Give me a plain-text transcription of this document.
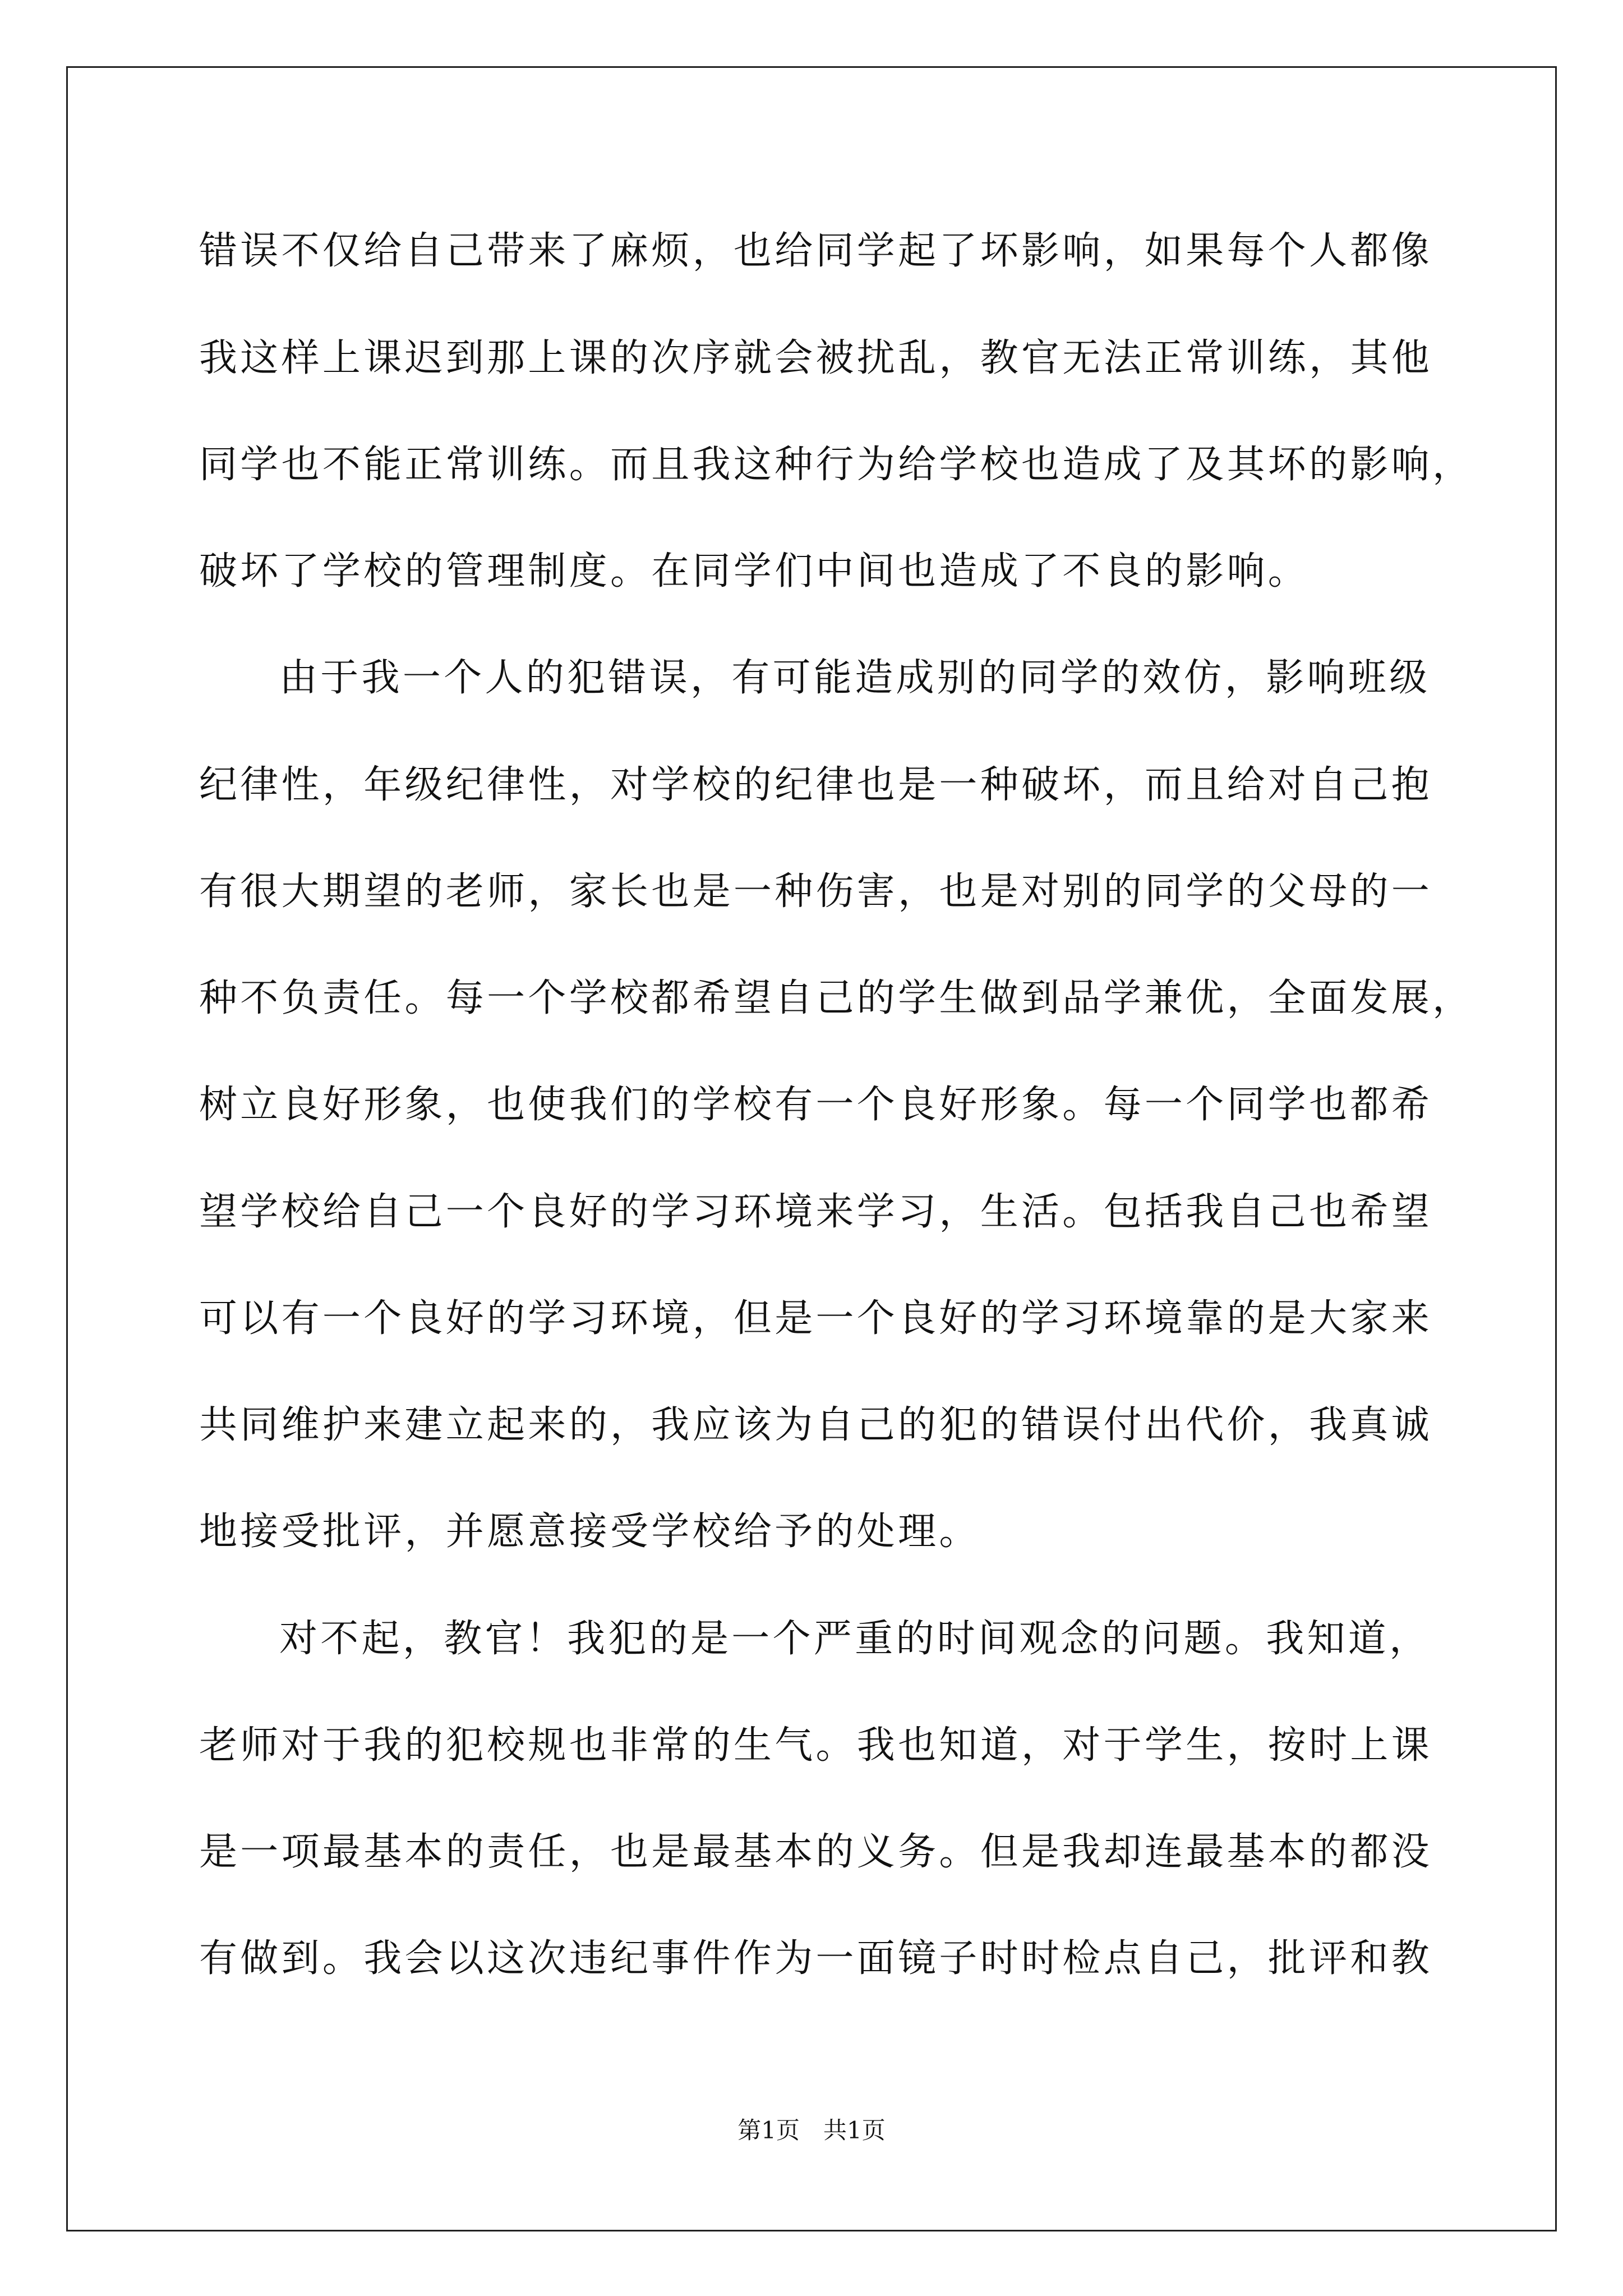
错误不仅给自己带来了麻烦，也给同学起了坏影响，如果每个人都像
我这样上课迟到那上课的次序就会被扰乱，教官无法正常训练，其他
同学也不能正常训练。而且我这种行为给学校也造成了及其坏的影响，
破坏了学校的管理制度。在同学们中间也造成了不良的影响。
由于我一个人的犯错误，有可能造成别的同学的效仿，影响班级
纪律性，年级纪律性，对学校的纪律也是一种破坏，而且给对自己抱
有很大期望的老师，家长也是一种伤害，也是对别的同学的父母的一
种不负责任。每一个学校都希望自己的学生做到品学兼优，全面发展，
树立良好形象，也使我们的学校有一个良好形象。每一个同学也都希
望学校给自己一个良好的学习环境来学习，生活。包括我自己也希望
可以有一个良好的学习环境，但是一个良好的学习环境靠的是大家来
共同维护来建立起来的，我应该为自己的犯的错误付出代价，我真诚
地接受批评，并愿意接受学校给予的处理。
对不起，教官！我犯的是一个严重的时间观念的问题。我知道，
老师对于我的犯校规也非常的生气。我也知道，对于学生，按时上课
是一项最基本的责任，也是最基本的义务。但是我却连最基本的都没
有做到。我会以这次违纪事件作为一面镜子时时检点自己，批评和教
第1页　共1页
